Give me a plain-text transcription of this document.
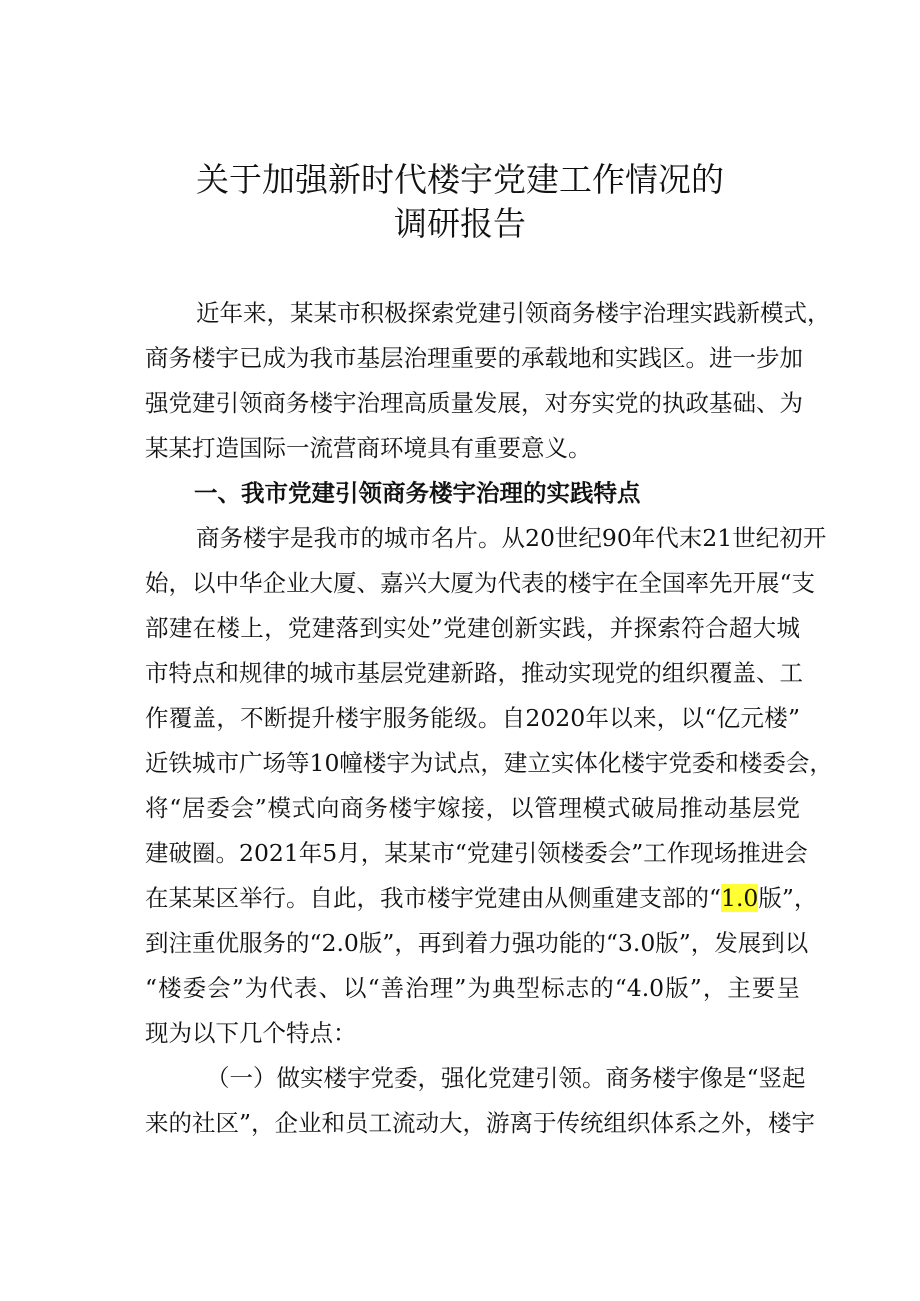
关于加强新时代楼宇党建工作情况的
调研报告
近年来，某某市积极探索党建引领商务楼宇治理实践新模式，
商务楼宇已成为我市基层治理重要的承载地和实践区。进一步加
强党建引领商务楼宇治理高质量发展，对夯实党的执政基础、为
某某打造国际一流营商环境具有重要意义。
一、我市党建引领商务楼宇治理的实践特点
商务楼宇是我市的城市名片。从20世纪90年代末21世纪初开
始，以中华企业大厦、嘉兴大厦为代表的楼宇在全国率先开展“支
部建在楼上，党建落到实处”党建创新实践，并探索符合超大城
市特点和规律的城市基层党建新路，推动实现党的组织覆盖、工
作覆盖，不断提升楼宇服务能级。自2020年以来，以“亿元楼”
近铁城市广场等10幢楼宇为试点，建立实体化楼宇党委和楼委会，
将“居委会”模式向商务楼宇嫁接，以管理模式破局推动基层党
建破圈。2021年5月，某某市“党建引领楼委会”工作现场推进会
在某某区举行。自此，我市楼宇党建由从侧重建支部的“1.0版”，
到注重优服务的“2.0版”，再到着力强功能的“3.0版”，发展到以
“楼委会”为代表、以“善治理”为典型标志的“4.0版”，主要呈
现为以下几个特点：
（一）做实楼宇党委，强化党建引领。商务楼宇像是“竖起
来的社区”，企业和员工流动大，游离于传统组织体系之外，楼宇
